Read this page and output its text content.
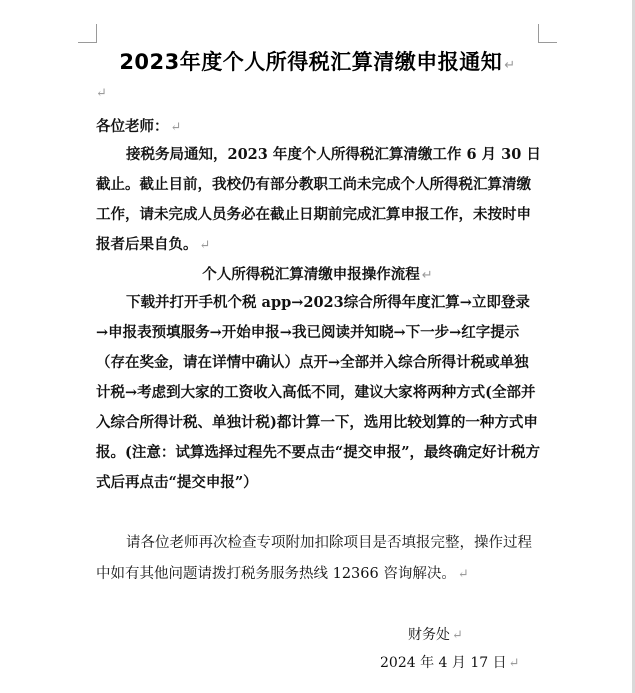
2023年度个人所得税汇算清缴申报通知 ↵
↵
各位老师： ↵
接税务局通知，2023 年度个人所得税汇算清缴工作 6 月 30 日截止。截止目前，我校仍有部分教职工尚未完成个人所得税汇算清缴工作，请未完成人员务必在截止日期前完成汇算申报工作，未按时申报者后果自负。 ↵
个人所得税汇算清缴申报操作流程 ↵
下载并打开手机个税 app→2023综合所得年度汇算→立即登录→申报表预填服务→开始申报→我已阅读并知晓→下一步→红字提示（存在奖金，请在详情中确认）点开→全部并入综合所得计税或单独计税→考虑到大家的工资收入高低不同，建议大家将两种方式(全部并入综合所得计税、单独计税)都计算一下，选用比较划算的一种方式申报。(注意：试算选择过程先不要点击“提交申报”，最终确定好计税方式后再点击“提交申报”）
请各位老师再次检查专项附加扣除项目是否填报完整，操作过程中如有其他问题请拨打税务服务热线 12366 咨询解决。 ↵
财务处 ↵
2024 年 4 月 17 日 ↵
